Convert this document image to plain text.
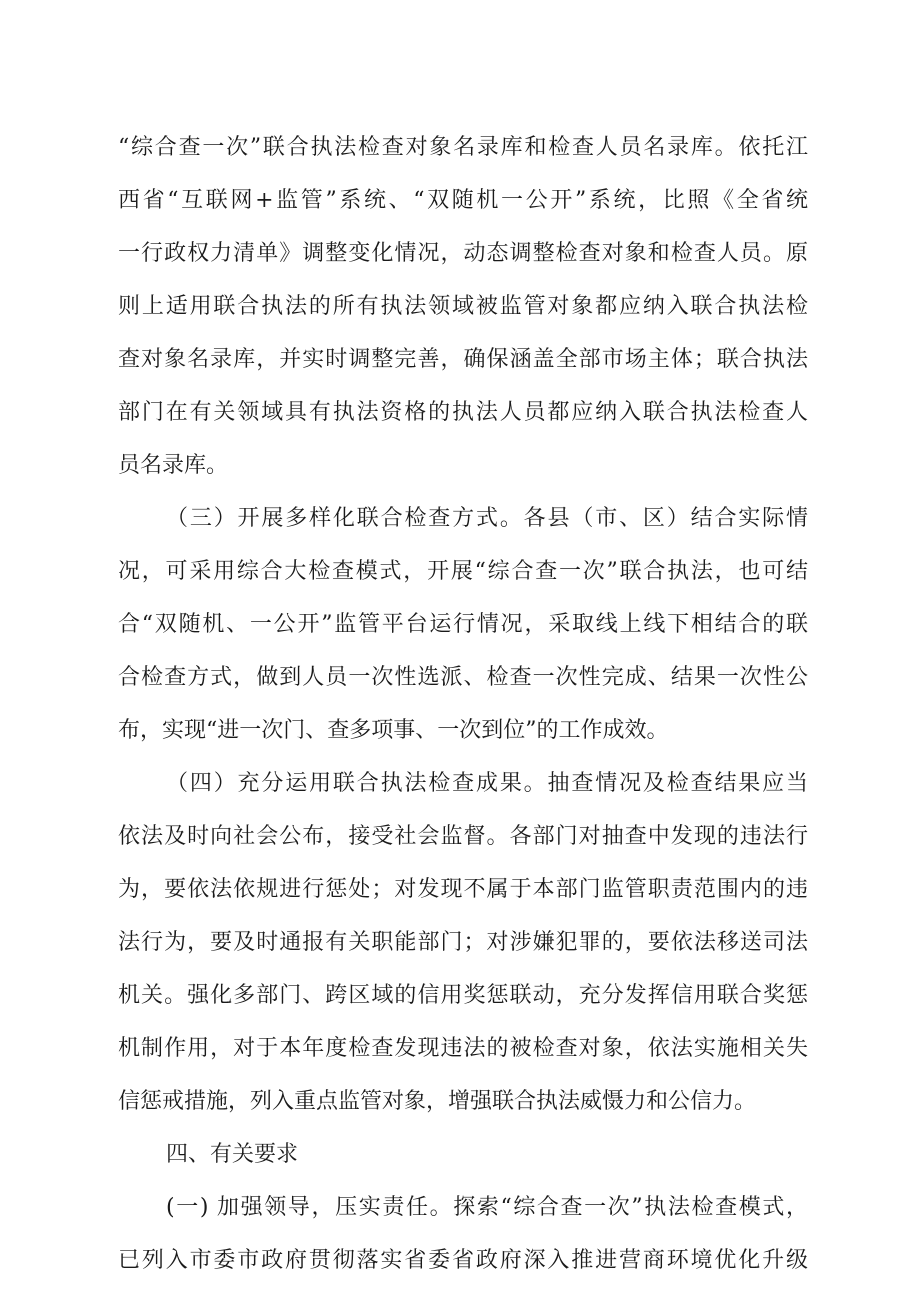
“综合查一次”联合执法检查对象名录库和检查人员名录库。依托江
西省“互联网+监管”系统、“双随机一公开”系统，比照《全省统
一行政权力清单》调整变化情况，动态调整检查对象和检查人员。原
则上适用联合执法的所有执法领域被监管对象都应纳入联合执法检
查对象名录库，并实时调整完善，确保涵盖全部市场主体；联合执法
部门在有关领域具有执法资格的执法人员都应纳入联合执法检查人
员名录库。
（三）开展多样化联合检查方式。各县（市、区）结合实际情
况，可采用综合大检查模式，开展“综合查一次”联合执法，也可结
合“双随机、一公开”监管平台运行情况，采取线上线下相结合的联
合检查方式，做到人员一次性选派、检查一次性完成、结果一次性公
布，实现“进一次门、查多项事、一次到位”的工作成效。
（四）充分运用联合执法检查成果。抽查情况及检查结果应当
依法及时向社会公布，接受社会监督。各部门对抽查中发现的违法行
为，要依法依规进行惩处；对发现不属于本部门监管职责范围内的违
法行为，要及时通报有关职能部门；对涉嫌犯罪的，要依法移送司法
机关。强化多部门、跨区域的信用奖惩联动，充分发挥信用联合奖惩
机制作用，对于本年度检查发现违法的被检查对象，依法实施相关失
信惩戒措施，列入重点监管对象，增强联合执法威慑力和公信力。
四、有关要求
(一) 加强领导，压实责任。探索“综合查一次”执法检查模式，
已列入市委市政府贯彻落实省委省政府深入推进营商环境优化升级
